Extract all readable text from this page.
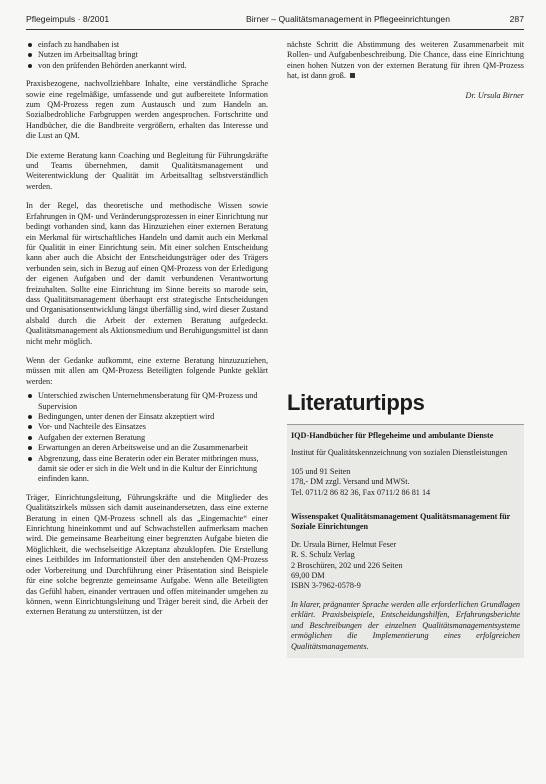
Pflegeimpuls · 8/2001	Birner – Qualitätsmanagement in Pflegeeinrichtungen	287
einfach zu handhaben ist
Nutzen im Arbeitsalltag bringt
von den prüfenden Behörden anerkannt wird.

Praxisbezogene, nachvollziehbare Inhalte, eine verständliche Sprache sowie eine regelmäßige, umfassende und gut aufbereitete Information zum QM-Prozess regen zum Austausch und zum Handeln an. Sozialbedrohliche Farbgruppen werden angesprochen. Fortschritte und Handbücher, die die Bandbreite vergrößern, erhalten das Interesse und die Lust an QM.

Die externe Beratung kann Coaching und Begleitung für Führungskräfte und Teams übernehmen, damit Qualitätsmanagement und Weiterentwicklung der Qualität im Arbeitsalltag selbstverständlich werden.

In der Regel, das theoretische und methodische Wissen sowie Erfahrungen in QM- und Veränderungsprozessen in einer Einrichtung nur bedingt vorhanden sind, kann das Hinzuziehen einer externen Beratung ein Merkmal für wirtschaftliches Handeln und damit auch ein Merkmal für Qualität in einer Einrichtung sein. Mit einer solchen Entscheidung kann aber auch die Absicht der Entscheidungsträger oder des Trägers verbunden sein, sich in Bezug auf einen QM-Prozess von der Erledigung der eigenen Aufgaben und der damit verbundenen Verantwortung freizuhalten. Sollte eine Einrichtung im Sinne bereits so marode sein, dass Qualitätsmanagement überhaupt erst strategische Entscheidungen und Organisationsentwicklung längst überfällig sind, wird dieser Zustand alsbald durch die Arbeit der externen Beratung aufgedeckt. Qualitätsmanagement als Aktionsmedium und Beruhigungsmittel ist dann nicht mehr möglich.

Wenn der Gedanke aufkommt, eine externe Beratung hinzuzuziehen, müssen mit allen am QM-Prozess Beteiligten folgende Punkte geklärt werden:

Unterschied zwischen Unternehmensberatung für QM-Prozess und Supervision
Bedingungen, unter denen der Einsatz akzeptiert wird
Vor- und Nachteile des Einsatzes
Aufgaben der externen Beratung
Erwartungen an deren Arbeitsweise und an die Zusammenarbeit
Abgrenzung, dass eine Beraterin oder ein Berater mitbringen muss, damit sie oder er sich in die Welt und in die Kultur der Einrichtung einfinden kann.

Träger, Einrichtungsleitung, Führungskräfte und die Mitglieder des Qualitätszirkels müssen sich damit auseinandersetzen, dass eine externe Beratung in einen QM-Prozess schnell als das „Eingemachte“ einer Einrichtung hineinkommt und auf Schwachstellen aufmerksam machen wird. Die gemeinsame Bearbeitung einer begrenzten Aufgabe bieten die Möglichkeit, die wechselseitige Akzeptanz abzuklopfen. Die Erstellung eines Leitbildes im Informationsteil über den anstehenden QM-Prozess oder Vorbereitung und Durchführung einer Präsentation sind Beispiele für eine solche begrenzte gemeinsame Aufgabe. Wenn alle Beteiligten das Gefühl haben, einander vertrauen und offen miteinander umgehen zu können, wenn Einrichtungsleitung und Träger bereit sind, die Arbeit der externen Beratung zu unterstützen, ist der

nächste Schritt die Abstimmung des weiteren Zusammenarbeit mit Rollen- und Aufgabenbeschreibung. Die Chance, dass eine Einrichtung einen hohen Nutzen von der externen Beratung für ihren QM-Prozess hat, ist dann groß.

Dr. Ursula Birner
Literaturtipps

IQD-Handbücher für Pflegeheime und ambulante Dienste

Institut für Qualitätskennzeichnung von sozialen Dienstleistungen

105 und 91 Seiten

178,- DM zzgl. Versand und MWSt.

Tel. 0711/2 86 82 36, Fax 0711/2 86 81 14

Wissenspaket Qualitätsmanagement Qualitätsmanagement für Soziale Einrichtungen

Dr. Ursula Birner, Helmut Feser

R. S. Schulz Verlag

2 Broschüren, 202 und 226 Seiten

69,00 DM

ISBN 3-7962-0578-9

In klarer, prägnanter Sprache werden alle erforderlichen Grundlagen erklärt. Praxisbeispiele, Entscheidungshilfen, Erfahrungsberichte und Beschreibungen der einzelnen Qualitätsmanagementsysteme ermöglichen die Implementierung eines erfolgreichen Qualitätsmanagements.
